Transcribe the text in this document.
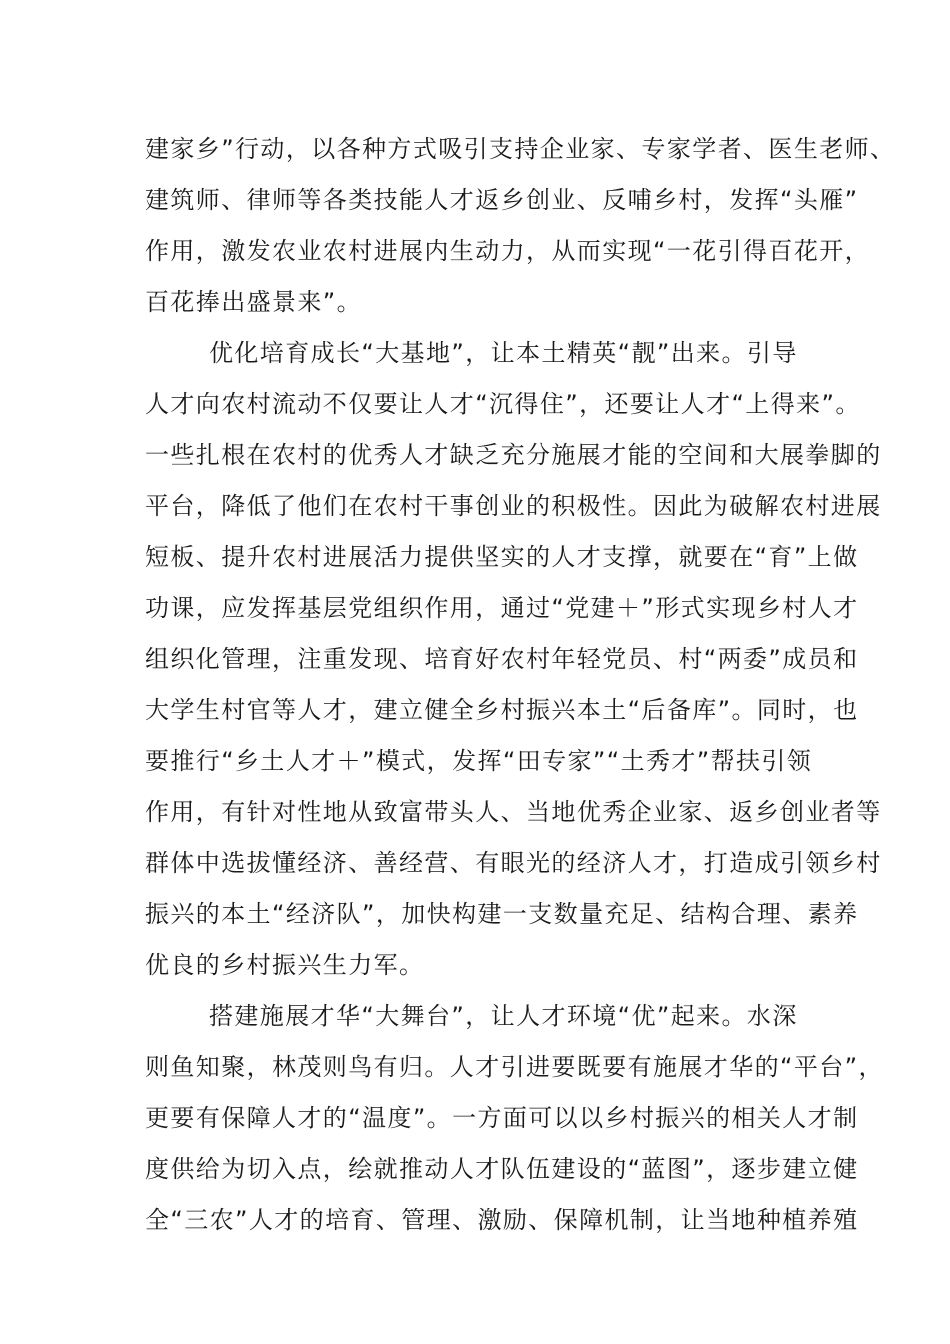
建家乡”行动，以各种方式吸引支持企业家、专家学者、医生老师、
建筑师、律师等各类技能人才返乡创业、反哺乡村，发挥“头雁”
作用，激发农业农村进展内生动力，从而实现“一花引得百花开，
百花捧出盛景来”。
优化培育成长“大基地”，让本土精英“靓”出来。引导
人才向农村流动不仅要让人才“沉得住”，还要让人才“上得来”。
一些扎根在农村的优秀人才缺乏充分施展才能的空间和大展拳脚的
平台，降低了他们在农村干事创业的积极性。因此为破解农村进展
短板、提升农村进展活力提供坚实的人才支撑，就要在“育”上做
功课，应发挥基层党组织作用，通过“党建＋”形式实现乡村人才
组织化管理，注重发现、培育好农村年轻党员、村“两委”成员和
大学生村官等人才，建立健全乡村振兴本土“后备库”。同时，也
要推行“乡土人才＋”模式，发挥“田专家”“土秀才”帮扶引领
作用，有针对性地从致富带头人、当地优秀企业家、返乡创业者等
群体中选拔懂经济、善经营、有眼光的经济人才，打造成引领乡村
振兴的本土“经济队”，加快构建一支数量充足、结构合理、素养
优良的乡村振兴生力军。
搭建施展才华“大舞台”，让人才环境“优”起来。水深
则鱼知聚，林茂则鸟有归。人才引进要既要有施展才华的“平台”，
更要有保障人才的“温度”。一方面可以以乡村振兴的相关人才制
度供给为切入点，绘就推动人才队伍建设的“蓝图”，逐步建立健
全“三农”人才的培育、管理、激励、保障机制，让当地种植养殖
